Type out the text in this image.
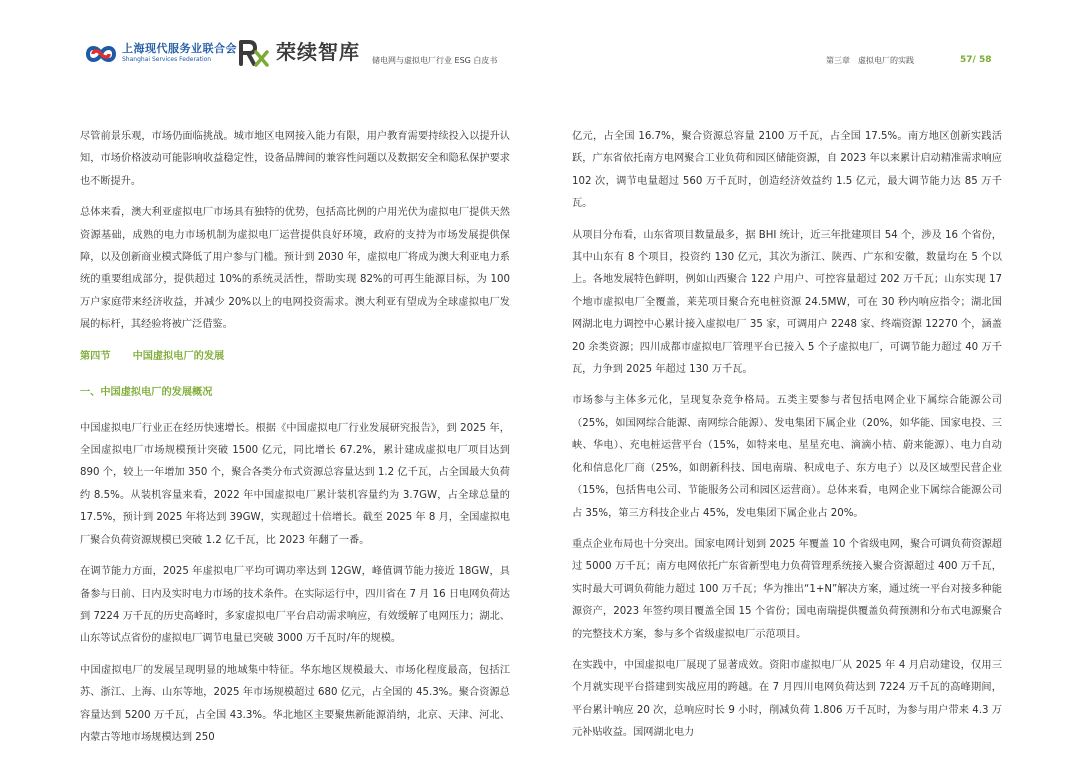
上海现代服务业联合会
Shanghai Services Federation	荣续智库 储电网与虚拟电厂行业 ESG 白皮书	第三章　虚拟电厂的实践	57/ 58

尽管前景乐观，市场仍面临挑战。城市地区电网接入能力有限，用户教育需要持续投入以提升认知，市场价格波动可能影响收益稳定性，设备品牌间的兼容性问题以及数据安全和隐私保护要求也不断提升。

总体来看，澳大利亚虚拟电厂市场具有独特的优势，包括高比例的户用光伏为虚拟电厂提供天然资源基础，成熟的电力市场机制为虚拟电厂运营提供良好环境，政府的支持为市场发展提供保障，以及创新商业模式降低了用户参与门槛。预计到 2030 年，虚拟电厂将成为澳大利亚电力系统的重要组成部分，提供超过 10%的系统灵活性，帮助实现 82%的可再生能源目标，为 100 万户家庭带来经济收益，并减少 20%以上的电网投资需求。澳大利亚有望成为全球虚拟电厂发展的标杆，其经验将被广泛借鉴。

第四节 中国虚拟电厂的发展
一、中国虚拟电厂的发展概况

中国虚拟电厂行业正在经历快速增长。根据《中国虚拟电厂行业发展研究报告》，到 2025 年，全国虚拟电厂市场规模预计突破 1500 亿元，同比增长 67.2%，累计建成虚拟电厂项目达到 890 个，较上一年增加 350 个，聚合各类分布式资源总容量达到 1.2 亿千瓦，占全国最大负荷约 8.5%。从装机容量来看，2022 年中国虚拟电厂累计装机容量约为 3.7GW，占全球总量的 17.5%，预计到 2025 年将达到 39GW，实现超过十倍增长。截至 2025 年 8 月，全国虚拟电厂聚合负荷资源规模已突破 1.2 亿千瓦，比 2023 年翻了一番。

在调节能力方面，2025 年虚拟电厂平均可调功率达到 12GW，峰值调节能力接近 18GW，具备参与日前、日内及实时电力市场的技术条件。在实际运行中，四川省在 7 月 16 日电网负荷达到 7224 万千瓦的历史高峰时，多家虚拟电厂平台启动需求响应，有效缓解了电网压力；湖北、山东等试点省份的虚拟电厂调节电量已突破 3000 万千瓦时/年的规模。

中国虚拟电厂的发展呈现明显的地域集中特征。华东地区规模最大、市场化程度最高，包括江苏、浙江、上海、山东等地，2025 年市场规模超过 680 亿元，占全国的 45.3%。聚合资源总容量达到 5200 万千瓦，占全国 43.3%。华北地区主要聚焦新能源消纳，北京、天津、河北、内蒙古等地市场规模达到 250

亿元，占全国 16.7%，聚合资源总容量 2100 万千瓦，占全国 17.5%。南方地区创新实践活跃，广东省依托南方电网聚合工业负荷和园区储能资源，自 2023 年以来累计启动精准需求响应 102 次，调节电量超过 560 万千瓦时，创造经济效益约 1.5 亿元，最大调节能力达 85 万千瓦。

从项目分布看，山东省项目数量最多，据 BHI 统计，近三年批建项目 54 个，涉及 16 个省份，其中山东有 8 个项目，投资约 130 亿元，其次为浙江、陕西、广东和安徽，数量均在 5 个以上。各地发展特色鲜明，例如山西聚合 122 户用户、可控容量超过 202 万千瓦；山东实现 17 个地市虚拟电厂全覆盖，莱芜项目聚合充电桩资源 24.5MW，可在 30 秒内响应指令；湖北国网湖北电力调控中心累计接入虚拟电厂 35 家，可调用户 2248 家、终端资源 12270 个，涵盖 20 余类资源；四川成都市虚拟电厂管理平台已接入 5 个子虚拟电厂，可调节能力超过 40 万千瓦，力争到 2025 年超过 130 万千瓦。

市场参与主体多元化，呈现复杂竞争格局。五类主要参与者包括电网企业下属综合能源公司（25%，如国网综合能源、南网综合能源）、发电集团下属企业（20%，如华能、国家电投、三峡、华电）、充电桩运营平台（15%，如特来电、星星充电、滴滴小桔、蔚来能源）、电力自动化和信息化厂商（25%，如朗新科技、国电南瑞、积成电子、东方电子）以及区域型民营企业（15%，包括售电公司、节能服务公司和园区运营商）。总体来看，电网企业下属综合能源公司占 35%，第三方科技企业占 45%，发电集团下属企业占 20%。

重点企业布局也十分突出。国家电网计划到 2025 年覆盖 10 个省级电网，聚合可调负荷资源超过 5000 万千瓦；南方电网依托广东省新型电力负荷管理系统接入聚合资源超过 400 万千瓦，实时最大可调负荷能力超过 100 万千瓦；华为推出“1+N”解决方案，通过统一平台对接多种能源资产，2023 年签约项目覆盖全国 15 个省份；国电南瑞提供覆盖负荷预测和分布式电源聚合的完整技术方案，参与多个省级虚拟电厂示范项目。

在实践中，中国虚拟电厂展现了显著成效。资阳市虚拟电厂从 2025 年 4 月启动建设，仅用三个月就实现平台搭建到实战应用的跨越。在 7 月四川电网负荷达到 7224 万千瓦的高峰期间，平台累计响应 20 次，总响应时长 9 小时，削减负荷 1.806 万千瓦时，为参与用户带来 4.3 万元补贴收益。国网湖北电力
